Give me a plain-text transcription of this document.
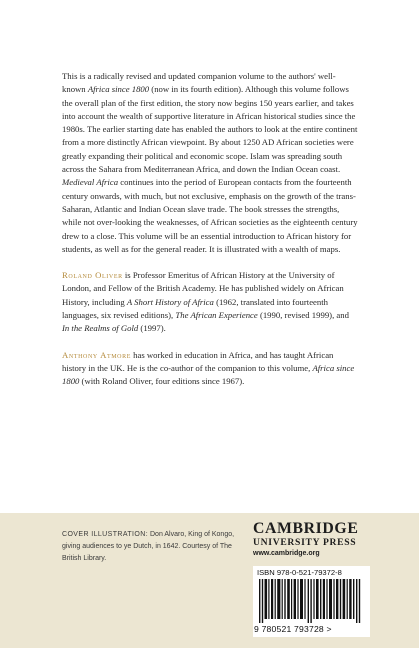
This is a radically revised and updated companion volume to the authors' well-known Africa since 1800 (now in its fourth edition). Although this volume follows the overall plan of the first edition, the story now begins 150 years earlier, and takes into account the wealth of supportive literature in African historical studies since the 1980s. The earlier starting date has enabled the authors to look at the entire continent from a more distinctly African viewpoint. By about 1250 AD African societies were greatly expanding their political and economic scope. Islam was spreading south across the Sahara from Mediterranean Africa, and down the Indian Ocean coast. Medieval Africa continues into the period of European contacts from the fourteenth century onwards, with much, but not exclusive, emphasis on the growth of the trans-Saharan, Atlantic and Indian Ocean slave trade. The book stresses the strengths, while not over-looking the weaknesses, of African societies as the eighteenth century drew to a close. This volume will be an essential introduction to African history for students, as well as for the general reader. It is illustrated with a wealth of maps.

Roland Oliver is Professor Emeritus of African History at the University of London, and Fellow of the British Academy. He has published widely on African History, including A Short History of Africa (1962, translated into fourteenth languages, six revised editions), The African Experience (1990, revised 1999), and In the Realms of Gold (1997).

Anthony Atmore has worked in education in Africa, and has taught African history in the UK. He is the co-author of the companion to this volume, Africa since 1800 (with Roland Oliver, four editions since 1967).

COVER ILLUSTRATION: Don Alvaro, King of Kongo, giving audiences to ye Dutch, in 1642. Courtesy of The British Library.
CAMBRIDGE
UNIVERSITY PRESS
www.cambridge.org
ISBN 978-0-521-79372-8
9 780521 793728 >
